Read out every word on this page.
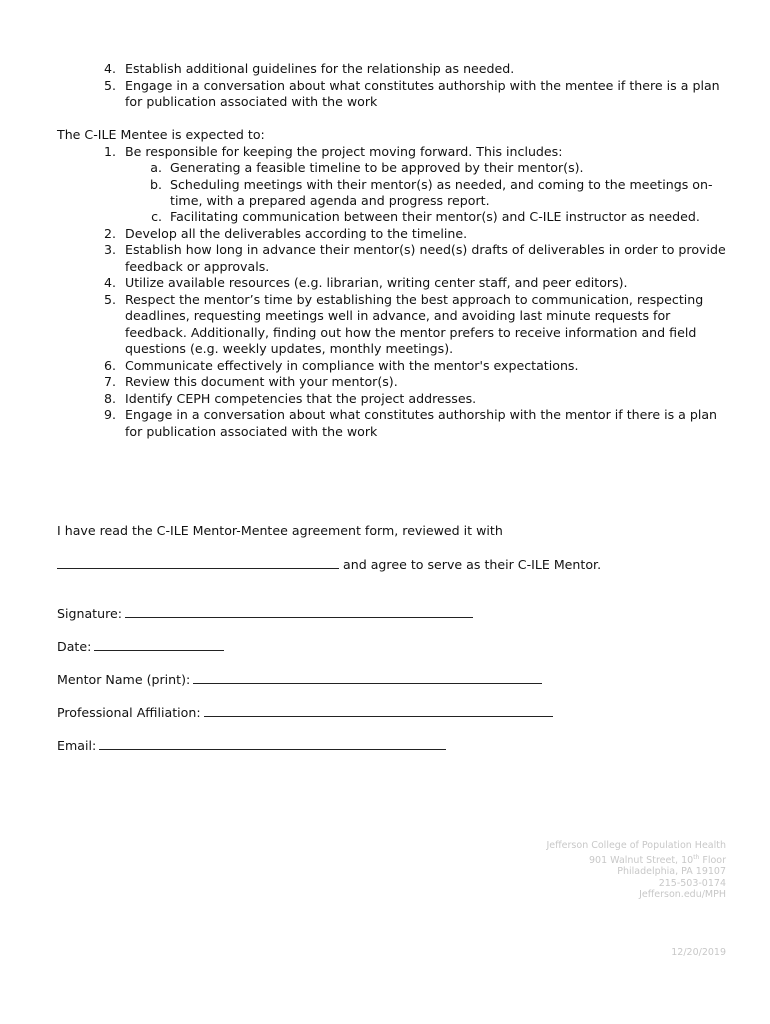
4. Establish additional guidelines for the relationship as needed.
5. Engage in a conversation about what constitutes authorship with the mentee if there is a plan
for publication associated with the work
The C-ILE Mentee is expected to:
1. Be responsible for keeping the project moving forward. This includes:
a. Generating a feasible timeline to be approved by their mentor(s).
b. Scheduling meetings with their mentor(s) as needed, and coming to the meetings on-
time, with a prepared agenda and progress report.
c. Facilitating communication between their mentor(s) and C-ILE instructor as needed.
2. Develop all the deliverables according to the timeline.
3. Establish how long in advance their mentor(s) need(s) drafts of deliverables in order to provide
feedback or approvals.
4. Utilize available resources (e.g. librarian, writing center staff, and peer editors).
5. Respect the mentor’s time by establishing the best approach to communication, respecting
deadlines, requesting meetings well in advance, and avoiding last minute requests for
feedback. Additionally, finding out how the mentor prefers to receive information and field
questions (e.g. weekly updates, monthly meetings).
6. Communicate effectively in compliance with the mentor's expectations.
7. Review this document with your mentor(s).
8. Identify CEPH competencies that the project addresses.
9. Engage in a conversation about what constitutes authorship with the mentor if there is a plan
for publication associated with the work
I have read the C-ILE Mentor-Mentee agreement form, reviewed it with
and agree to serve as their C-ILE Mentor.
Signature:
Date:
Mentor Name (print):
Professional Affiliation:
Email:
Jefferson College of Population Health
901 Walnut Street, 10th Floor
Philadelphia, PA 19107
215-503-0174
Jefferson.edu/MPH
12/20/2019
